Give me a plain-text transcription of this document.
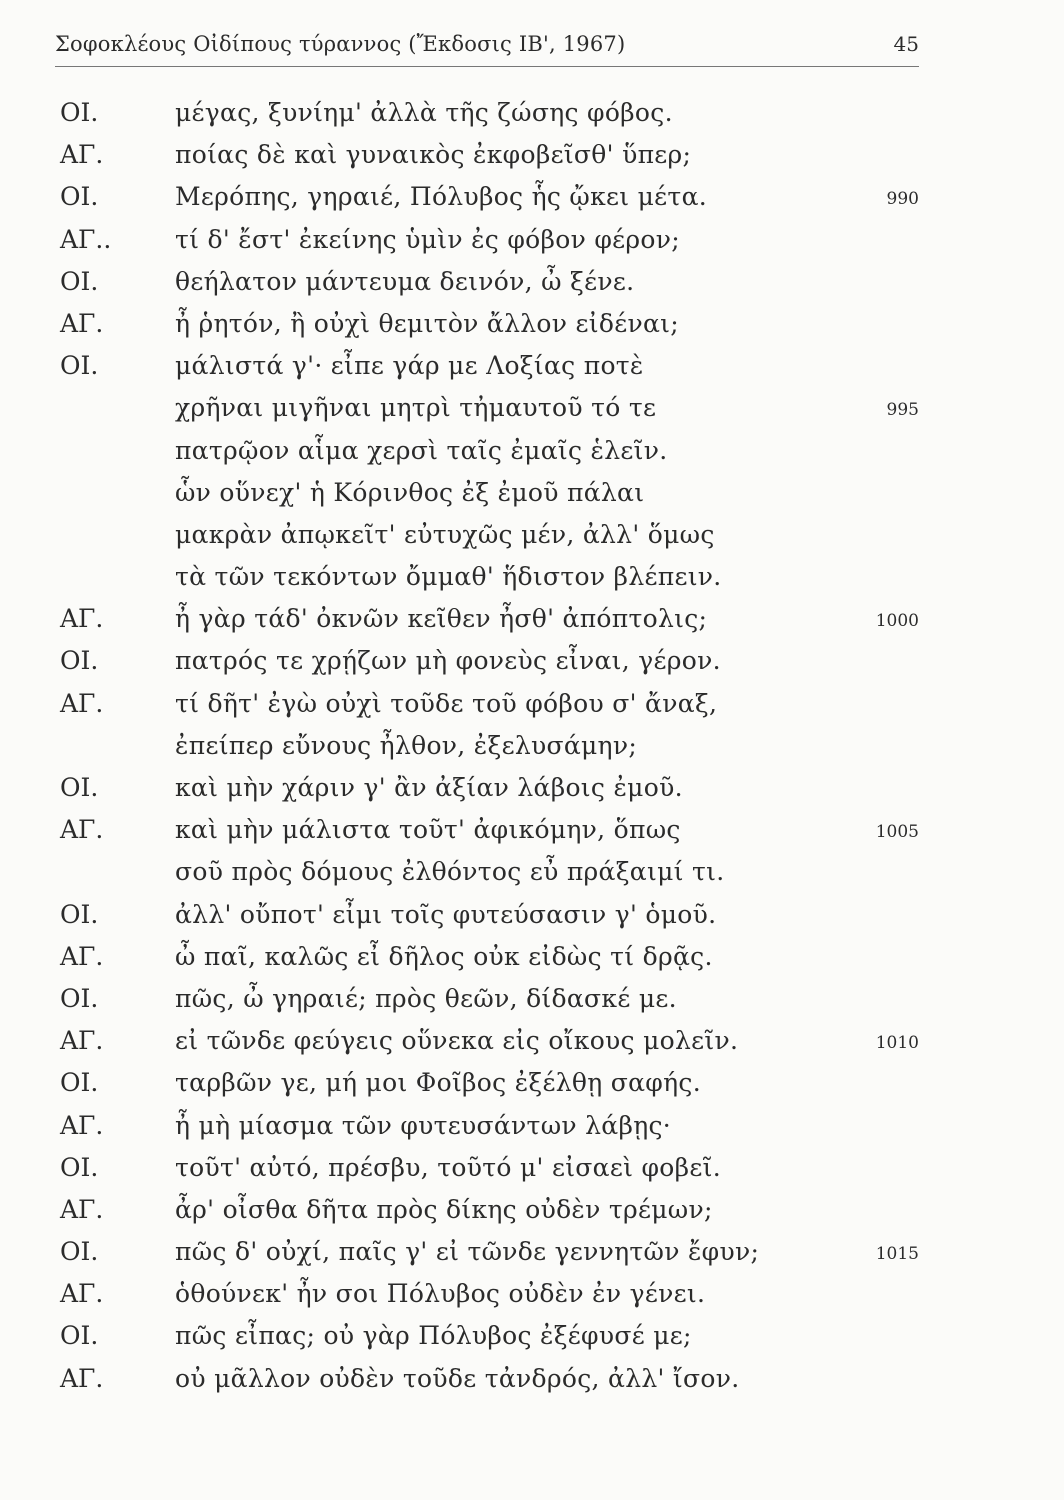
Σοφοκλέους Οἰδίπους τύραννος (Ἔκδοσις ΙΒ', 1967)	45
ΟΙ.	μέγας, ξυνίημ' ἀλλὰ τῆς ζώσης φόβος.
ΑΓ.	ποίας δὲ καὶ γυναικὸς ἐκφοβεῖσθ' ὕπερ;
ΟΙ.	Μερόπης, γηραιέ, Πόλυβος ἧς ᾤκει μέτα.	990
ΑΓ..	τί δ' ἔστ' ἐκείνης ὑμὶν ἐς φόβον φέρον;
ΟΙ.	θεήλατον μάντευμα δεινόν, ὦ ξένε.
ΑΓ.	ἦ ῥητόν, ἢ οὐχὶ θεμιτὸν ἄλλον εἰδέναι;
ΟΙ.	μάλιστά γ'· εἶπε γάρ με Λοξίας ποτὲ
χρῆναι μιγῆναι μητρὶ τἠμαυτοῦ τό τε	995
πατρῷον αἷμα χερσὶ ταῖς ἐμαῖς ἑλεῖν.
ὧν οὕνεχ' ἡ Κόρινθος ἐξ ἐμοῦ πάλαι
μακρὰν ἀπῳκεῖτ' εὐτυχῶς μέν, ἀλλ' ὅμως
τὰ τῶν τεκόντων ὄμμαθ' ἥδιστον βλέπειν.
ΑΓ.	ἦ γὰρ τάδ' ὀκνῶν κεῖθεν ἦσθ' ἀπόπτολις;	1000
ΟΙ.	πατρός τε χρῄζων μὴ φονεὺς εἶναι, γέρον.
ΑΓ.	τί δῆτ' ἐγὼ οὐχὶ τοῦδε τοῦ φόβου σ' ἄναξ,
ἐπείπερ εὔνους ἦλθον, ἐξελυσάμην;
ΟΙ.	καὶ μὴν χάριν γ' ἂν ἀξίαν λάβοις ἐμοῦ.
ΑΓ.	καὶ μὴν μάλιστα τοῦτ' ἀφικόμην, ὅπως	1005
σοῦ πρὸς δόμους ἐλθόντος εὖ πράξαιμί τι.
ΟΙ.	ἀλλ' οὔποτ' εἶμι τοῖς φυτεύσασιν γ' ὁμοῦ.
ΑΓ.	ὦ παῖ, καλῶς εἶ δῆλος οὐκ εἰδὼς τί δρᾷς.
ΟΙ.	πῶς, ὦ γηραιέ; πρὸς θεῶν, δίδασκέ με.
ΑΓ.	εἰ τῶνδε φεύγεις οὕνεκα εἰς οἴκους μολεῖν.	1010
ΟΙ.	ταρβῶν γε, μή μοι Φοῖβος ἐξέλθῃ σαφής.
ΑΓ.	ἦ μὴ μίασμα τῶν φυτευσάντων λάβῃς·
ΟΙ.	τοῦτ' αὐτό, πρέσβυ, τοῦτό μ' εἰσαεὶ φοβεῖ.
ΑΓ.	ἆρ' οἶσθα δῆτα πρὸς δίκης οὐδὲν τρέμων;
ΟΙ.	πῶς δ' οὐχί, παῖς γ' εἰ τῶνδε γεννητῶν ἔφυν;	1015
ΑΓ.	ὁθούνεκ' ἦν σοι Πόλυβος οὐδὲν ἐν γένει.
ΟΙ.	πῶς εἶπας; οὐ γὰρ Πόλυβος ἐξέφυσέ με;
ΑΓ.	οὐ μᾶλλον οὐδὲν τοῦδε τἀνδρός, ἀλλ' ἴσον.
